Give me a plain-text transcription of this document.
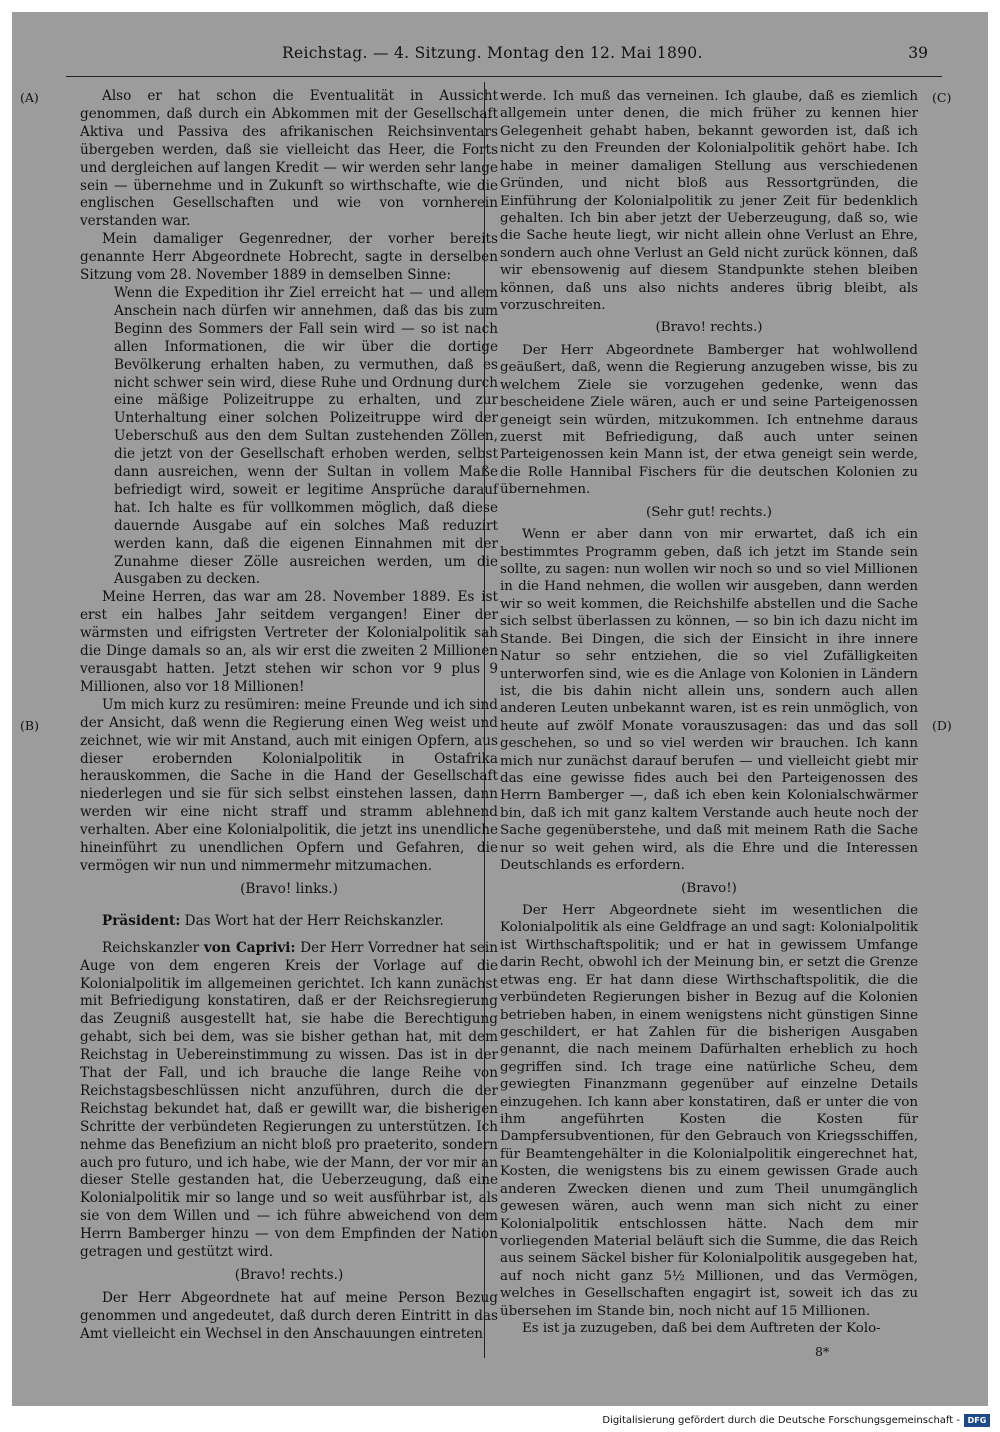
Reichstag. — 4. Sitzung. Montag den 12. Mai 1890.	39
(A)
(B)
(C)
(D)

Also er hat schon die Eventualität in Aussicht genommen, daß durch ein Abkommen mit der Gesellschaft Aktiva und Passiva des afrikanischen Reichsinventars übergeben werden, daß sie vielleicht das Heer, die Forts und dergleichen auf langen Kredit — wir werden sehr lange sein — übernehme und in Zukunft so wirthschafte, wie die englischen Gesellschaften und wie von vornherein verstanden war.

Mein damaliger Gegenredner, der vorher bereits genannte Herr Abgeordnete Hobrecht, sagte in derselben Sitzung vom 28. November 1889 in demselben Sinne:

Wenn die Expedition ihr Ziel erreicht hat — und allem Anschein nach dürfen wir annehmen, daß das bis zum Beginn des Sommers der Fall sein wird — so ist nach allen Informationen, die wir über die dortige Bevölkerung erhalten haben, zu vermuthen, daß es nicht schwer sein wird, diese Ruhe und Ordnung durch eine mäßige Polizeitruppe zu erhalten, und zur Unterhaltung einer solchen Polizeitruppe wird der Ueberschuß aus den dem Sultan zustehenden Zöllen, die jetzt von der Gesellschaft erhoben werden, selbst dann ausreichen, wenn der Sultan in vollem Maße befriedigt wird, soweit er legitime Ansprüche darauf hat. Ich halte es für vollkommen möglich, daß diese dauernde Ausgabe auf ein solches Maß reduzirt werden kann, daß die eigenen Einnahmen mit der Zunahme dieser Zölle ausreichen werden, um die Ausgaben zu decken.

Meine Herren, das war am 28. November 1889. Es ist erst ein halbes Jahr seitdem vergangen! Einer der wärmsten und eifrigsten Vertreter der Kolonialpolitik sah die Dinge damals so an, als wir erst die zweiten 2 Millionen verausgabt hatten. Jetzt stehen wir schon vor 9 plus 9 Millionen, also vor 18 Millionen!

Um mich kurz zu resümiren: meine Freunde und ich sind der Ansicht, daß wenn die Regierung einen Weg weist und zeichnet, wie wir mit Anstand, auch mit einigen Opfern, aus dieser erobernden Kolonialpolitik in Ostafrika herauskommen, die Sache in die Hand der Gesellschaft niederlegen und sie für sich selbst einstehen lassen, dann werden wir eine nicht straff und stramm ablehnend verhalten. Aber eine Kolonialpolitik, die jetzt ins unendliche hineinführt zu unendlichen Opfern und Gefahren, die vermögen wir nun und nimmermehr mitzumachen.

(Bravo! links.)

Präsident: Das Wort hat der Herr Reichskanzler.

Reichskanzler von Caprivi: Der Herr Vorredner hat sein Auge von dem engeren Kreis der Vorlage auf die Kolonialpolitik im allgemeinen gerichtet. Ich kann zunächst mit Befriedigung konstatiren, daß er der Reichsregierung das Zeugniß ausgestellt hat, sie habe die Berechtigung gehabt, sich bei dem, was sie bisher gethan hat, mit dem Reichstag in Uebereinstimmung zu wissen. Das ist in der That der Fall, und ich brauche die lange Reihe von Reichstagsbeschlüssen nicht anzuführen, durch die der Reichstag bekundet hat, daß er gewillt war, die bisherigen Schritte der verbündeten Regierungen zu unterstützen. Ich nehme das Benefizium an nicht bloß pro praeterito, sondern auch pro futuro, und ich habe, wie der Mann, der vor mir an dieser Stelle gestanden hat, die Ueberzeugung, daß eine Kolonialpolitik mir so lange und so weit ausführbar ist, als sie von dem Willen und — ich führe abweichend von dem Herrn Bamberger hinzu — von dem Empfinden der Nation getragen und gestützt wird.

(Bravo! rechts.)

Der Herr Abgeordnete hat auf meine Person Bezug genommen und angedeutet, daß durch deren Eintritt in das Amt vielleicht ein Wechsel in den Anschauungen eintreten

werde. Ich muß das verneinen. Ich glaube, daß es ziemlich allgemein unter denen, die mich früher zu kennen hier Gelegenheit gehabt haben, bekannt geworden ist, daß ich nicht zu den Freunden der Kolonialpolitik gehört habe. Ich habe in meiner damaligen Stellung aus verschiedenen Gründen, und nicht bloß aus Ressortgründen, die Einführung der Kolonialpolitik zu jener Zeit für bedenklich gehalten. Ich bin aber jetzt der Ueberzeugung, daß so, wie die Sache heute liegt, wir nicht allein ohne Verlust an Ehre, sondern auch ohne Verlust an Geld nicht zurück können, daß wir ebensowenig auf diesem Standpunkte stehen bleiben können, daß uns also nichts anderes übrig bleibt, als vorzuschreiten.

(Bravo! rechts.)

Der Herr Abgeordnete Bamberger hat wohlwollend geäußert, daß, wenn die Regierung anzugeben wisse, bis zu welchem Ziele sie vorzugehen gedenke, wenn das bescheidene Ziele wären, auch er und seine Parteigenossen geneigt sein würden, mitzukommen. Ich entnehme daraus zuerst mit Befriedigung, daß auch unter seinen Parteigenossen kein Mann ist, der etwa geneigt sein werde, die Rolle Hannibal Fischers für die deutschen Kolonien zu übernehmen.

(Sehr gut! rechts.)

Wenn er aber dann von mir erwartet, daß ich ein bestimmtes Programm geben, daß ich jetzt im Stande sein sollte, zu sagen: nun wollen wir noch so und so viel Millionen in die Hand nehmen, die wollen wir ausgeben, dann werden wir so weit kommen, die Reichshilfe abstellen und die Sache sich selbst überlassen zu können, — so bin ich dazu nicht im Stande. Bei Dingen, die sich der Einsicht in ihre innere Natur so sehr entziehen, die so viel Zufälligkeiten unterworfen sind, wie es die Anlage von Kolonien in Ländern ist, die bis dahin nicht allein uns, sondern auch allen anderen Leuten unbekannt waren, ist es rein unmöglich, von heute auf zwölf Monate vorauszusagen: das und das soll geschehen, so und so viel werden wir brauchen. Ich kann mich nur zunächst darauf berufen — und vielleicht giebt mir das eine gewisse fides auch bei den Parteigenossen des Herrn Bamberger —, daß ich eben kein Kolonialschwärmer bin, daß ich mit ganz kaltem Verstande auch heute noch der Sache gegenüberstehe, und daß mit meinem Rath die Sache nur so weit gehen wird, als die Ehre und die Interessen Deutschlands es erfordern.

(Bravo!)

Der Herr Abgeordnete sieht im wesentlichen die Kolonialpolitik als eine Geldfrage an und sagt: Kolonialpolitik ist Wirthschaftspolitik; und er hat in gewissem Umfange darin Recht, obwohl ich der Meinung bin, er setzt die Grenze etwas eng. Er hat dann diese Wirthschaftspolitik, die die verbündeten Regierungen bisher in Bezug auf die Kolonien betrieben haben, in einem wenigstens nicht günstigen Sinne geschildert, er hat Zahlen für die bisherigen Ausgaben genannt, die nach meinem Dafürhalten erheblich zu hoch gegriffen sind. Ich trage eine natürliche Scheu, dem gewiegten Finanzmann gegenüber auf einzelne Details einzugehen. Ich kann aber konstatiren, daß er unter die von ihm angeführten Kosten die Kosten für Dampfersubventionen, für den Gebrauch von Kriegsschiffen, für Beamtengehälter in die Kolonialpolitik eingerechnet hat, Kosten, die wenigstens bis zu einem gewissen Grade auch anderen Zwecken dienen und zum Theil unumgänglich gewesen wären, auch wenn man sich nicht zu einer Kolonialpolitik entschlossen hätte. Nach dem mir vorliegenden Material beläuft sich die Summe, die das Reich aus seinem Säckel bisher für Kolonialpolitik ausgegeben hat, auf noch nicht ganz 5½ Millionen, und das Vermögen, welches in Gesellschaften engagirt ist, soweit ich das zu übersehen im Stande bin, noch nicht auf 15 Millionen.

Es ist ja zuzugeben, daß bei dem Auftreten der Kolo-

8*
Digitalisierung gefördert durch die Deutsche Forschungsgemeinschaft - DFG
